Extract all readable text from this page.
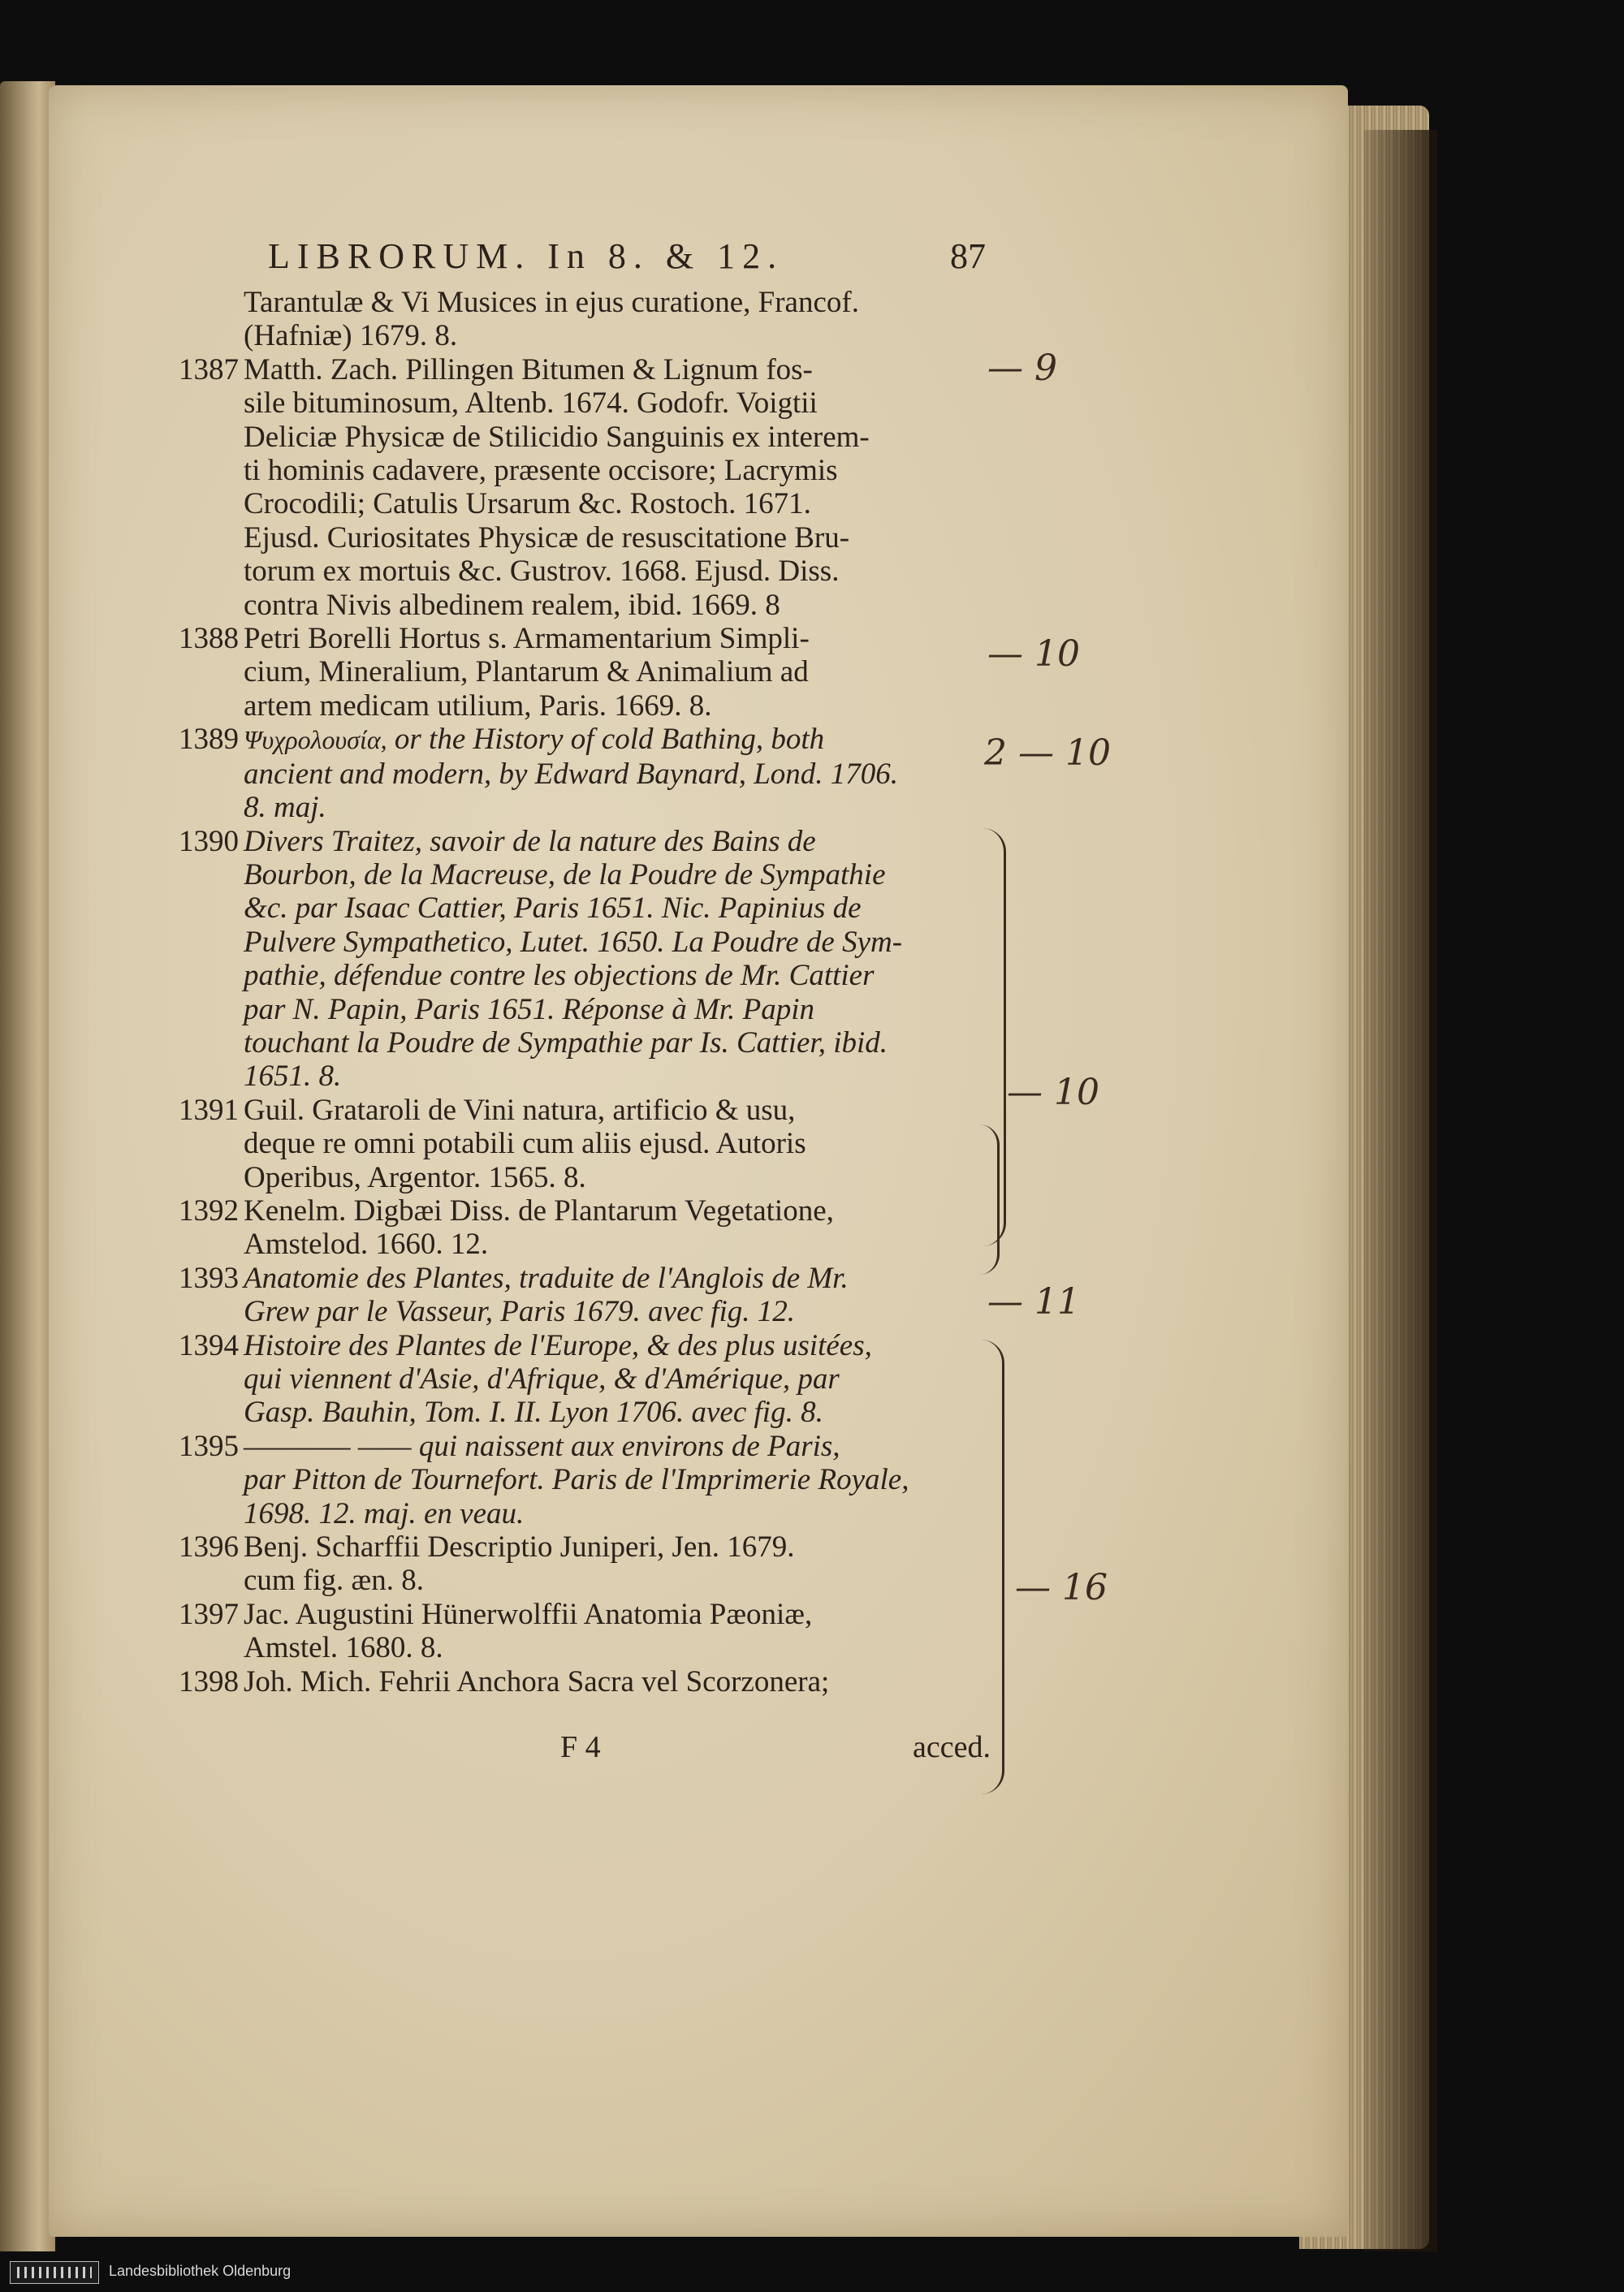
LIBRORUM. In 8. & 12.	87
Tarantulæ & Vi Musices in ejus curatione, Francof.
(Hafniæ) 1679. 8.
1387 Matth. Zach. Pillingen Bitumen & Lignum fos-
sile bituminosum, Altenb. 1674. Godofr. Voigtii
Deliciæ Physicæ de Stilicidio Sanguinis ex interem-
ti hominis cadavere, præsente occisore; Lacrymis
Crocodili; Catulis Ursarum &c. Rostoch. 1671.
Ejusd. Curiositates Physicæ de resuscitatione Bru-
torum ex mortuis &c. Gustrov. 1668. Ejusd. Diss.
contra Nivis albedinem realem, ibid. 1669. 8
1388 Petri Borelli Hortus s. Armamentarium Simpli-
cium, Mineralium, Plantarum & Animalium ad
artem medicam utilium, Paris. 1669. 8.
1389 Ψυχρολουσία, or the History of cold Bathing, both
ancient and modern, by Edward Baynard, Lond. 1706.
8. maj.
1390 Divers Traitez, savoir de la nature des Bains de
Bourbon, de la Macreuse, de la Poudre de Sympathie
&c. par Isaac Cattier, Paris 1651. Nic. Papinius de
Pulvere Sympathetico, Lutet. 1650. La Poudre de Sym-
pathie, défendue contre les objections de Mr. Cattier
par N. Papin, Paris 1651. Réponse à Mr. Papin
touchant la Poudre de Sympathie par Is. Cattier, ibid.
1651. 8.
1391 Guil. Grataroli de Vini natura, artificio & usu,
deque re omni potabili cum aliis ejusd. Autoris
Operibus, Argentor. 1565. 8.
1392 Kenelm. Digbæi Diss. de Plantarum Vegetatione,
Amstelod. 1660. 12.
1393 Anatomie des Plantes, traduite de l'Anglois de Mr.
Grew par le Vasseur, Paris 1679. avec fig. 12.
1394 Histoire des Plantes de l'Europe, & des plus usitées,
qui viennent d'Asie, d'Afrique, & d'Amérique, par
Gasp. Bauhin, Tom. I. II. Lyon 1706. avec fig. 8.
1395 ———— —— qui naissent aux environs de Paris,
par Pitton de Tournefort. Paris de l'Imprimerie Royale,
1698. 12. maj. en veau.
1396 Benj. Scharffii Descriptio Juniperi, Jen. 1679.
cum fig. æn. 8.
1397 Jac. Augustini Hünerwolffii Anatomia Pæoniæ,
Amstel. 1680. 8.
1398 Joh. Mich. Fehrii Anchora Sacra vel Scorzonera;
F 4	acced.
— 9
— 10
2 — 10
— 10
— 11
— 16
Landesbibliothek Oldenburg
